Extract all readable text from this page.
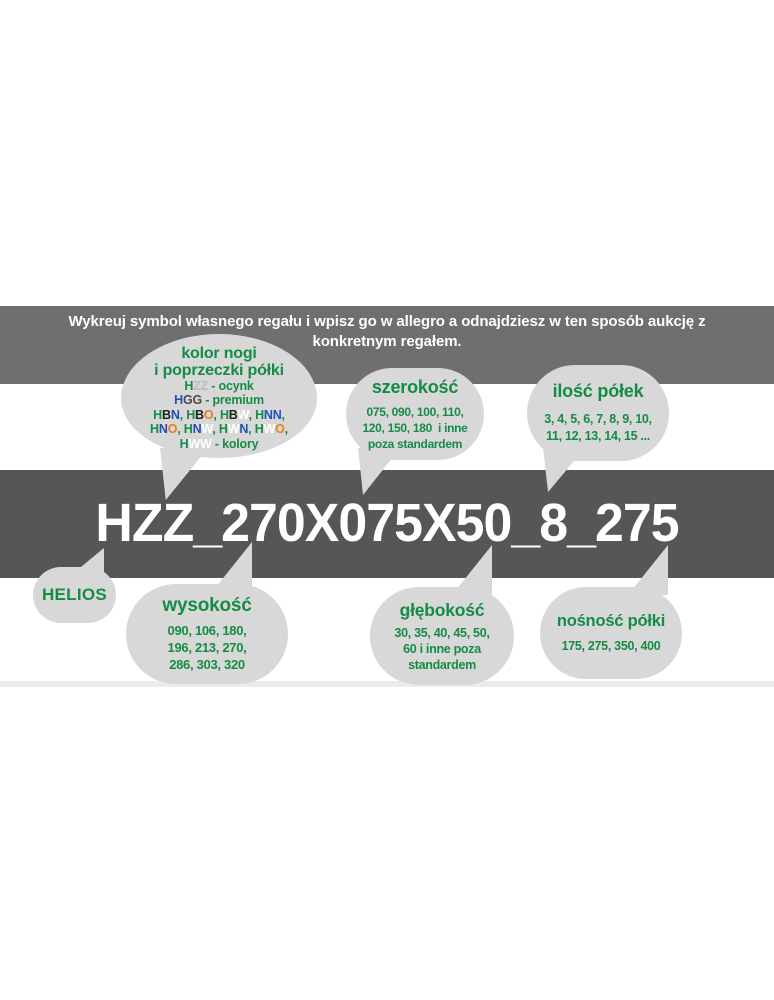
Wykreuj symbol własnego regału i wpisz go w allegro a odnajdziesz w ten sposób aukcję z
konkretnym regałem.
HZZ_270X075X50_8_275
kolor nogi
i poprzeczki półki
HZZ - ocynk
HGG - premium
HBN, HBO, HBW, HNN,
HNO, HNW, HWN, HWO,
HWW - kolory
szerokość
075, 090, 100, 110,
120, 150, 180  i inne
poza standardem
ilość półek
3, 4, 5, 6, 7, 8, 9, 10,
11, 12, 13, 14, 15 ...
HELIOS
wysokość
090, 106, 180,
196, 213, 270,
286, 303, 320
głębokość
30, 35, 40, 45, 50,
60 i inne poza
standardem
nośność półki
175, 275, 350, 400
